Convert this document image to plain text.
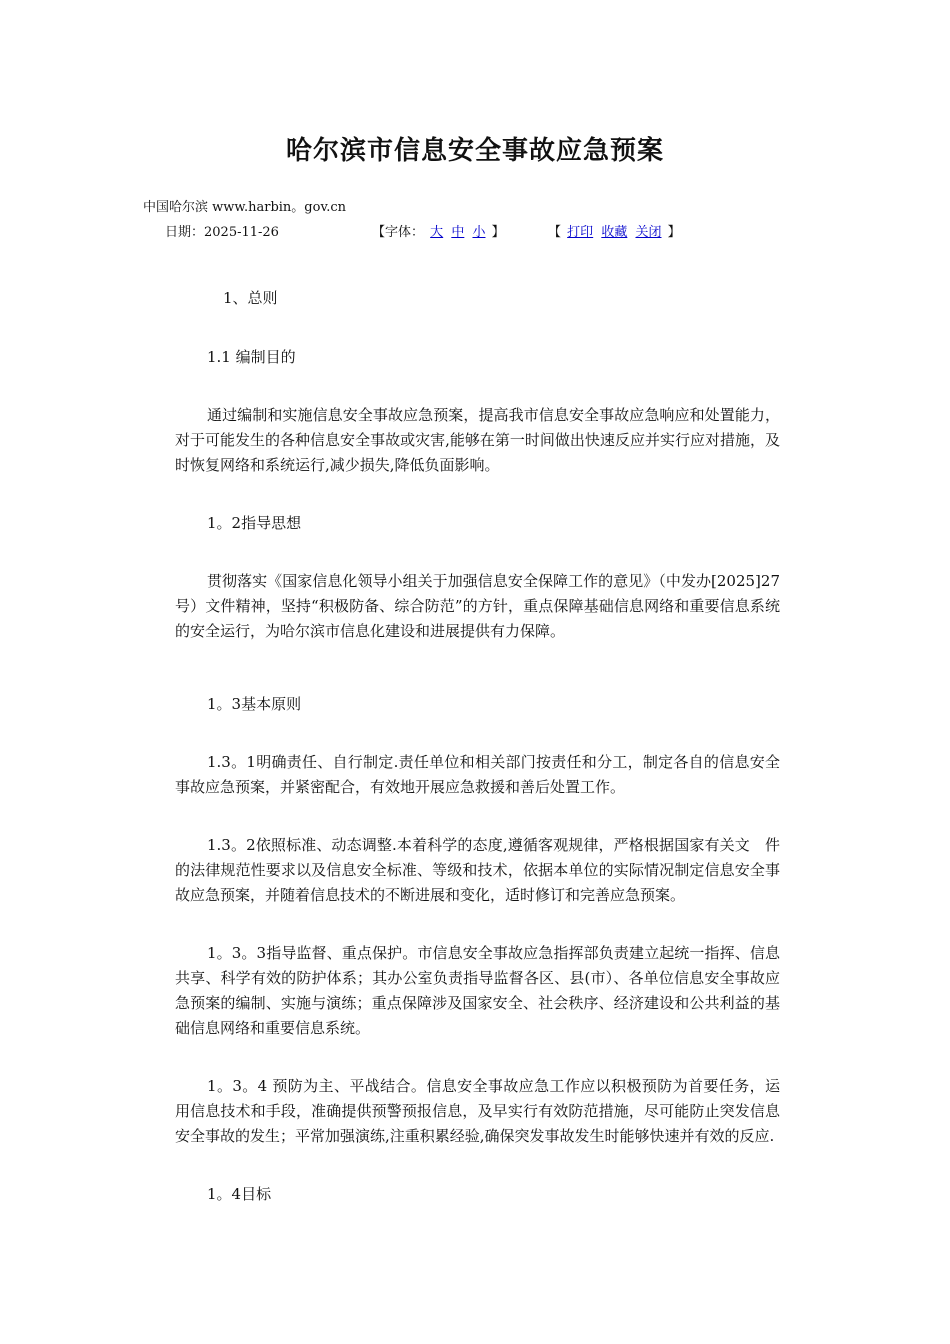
哈尔滨市信息安全事故应急预案
中国哈尔滨 www.harbin。gov.cn
日期：2025-11-26	【字体： 大 中 小 】	【 打印 收藏 关闭 】

1、总则

1.1 编制目的

通过编制和实施信息安全事故应急预案，提高我市信息安全事故应急响应和处置能力，对于可能发生的各种信息安全事故或灾害,能够在第一时间做出快速反应并实行应对措施，及时恢复网络和系统运行,减少损失,降低负面影响。

1。2指导思想

贯彻落实《国家信息化领导小组关于加强信息安全保障工作的意见》（中发办[2025]27号）文件精神，坚持“积极防备、综合防范”的方针，重点保障基础信息网络和重要信息系统的安全运行，为哈尔滨市信息化建设和进展提供有力保障。

1。3基本原则

1.3。1明确责任、自行制定.责任单位和相关部门按责任和分工，制定各自的信息安全事故应急预案，并紧密配合，有效地开展应急救援和善后处置工作。

1.3。2依照标准、动态调整.本着科学的态度,遵循客观规律，严格根据国家有关文　件的法律规范性要求以及信息安全标准、等级和技术，依据本单位的实际情况制定信息安全事故应急预案，并随着信息技术的不断进展和变化，适时修订和完善应急预案。

1。3。3指导监督、重点保护。市信息安全事故应急指挥部负责建立起统一指挥、信息共享、科学有效的防护体系；其办公室负责指导监督各区、县(市）、各单位信息安全事故应急预案的编制、实施与演练；重点保障涉及国家安全、社会秩序、经济建设和公共利益的基础信息网络和重要信息系统。

1。3。4 预防为主、平战结合。信息安全事故应急工作应以积极预防为首要任务，运用信息技术和手段，准确提供预警预报信息，及早实行有效防范措施，尽可能防止突发信息安全事故的发生；平常加强演练,注重积累经验,确保突发事故发生时能够快速并有效的反应.

1。4目标
